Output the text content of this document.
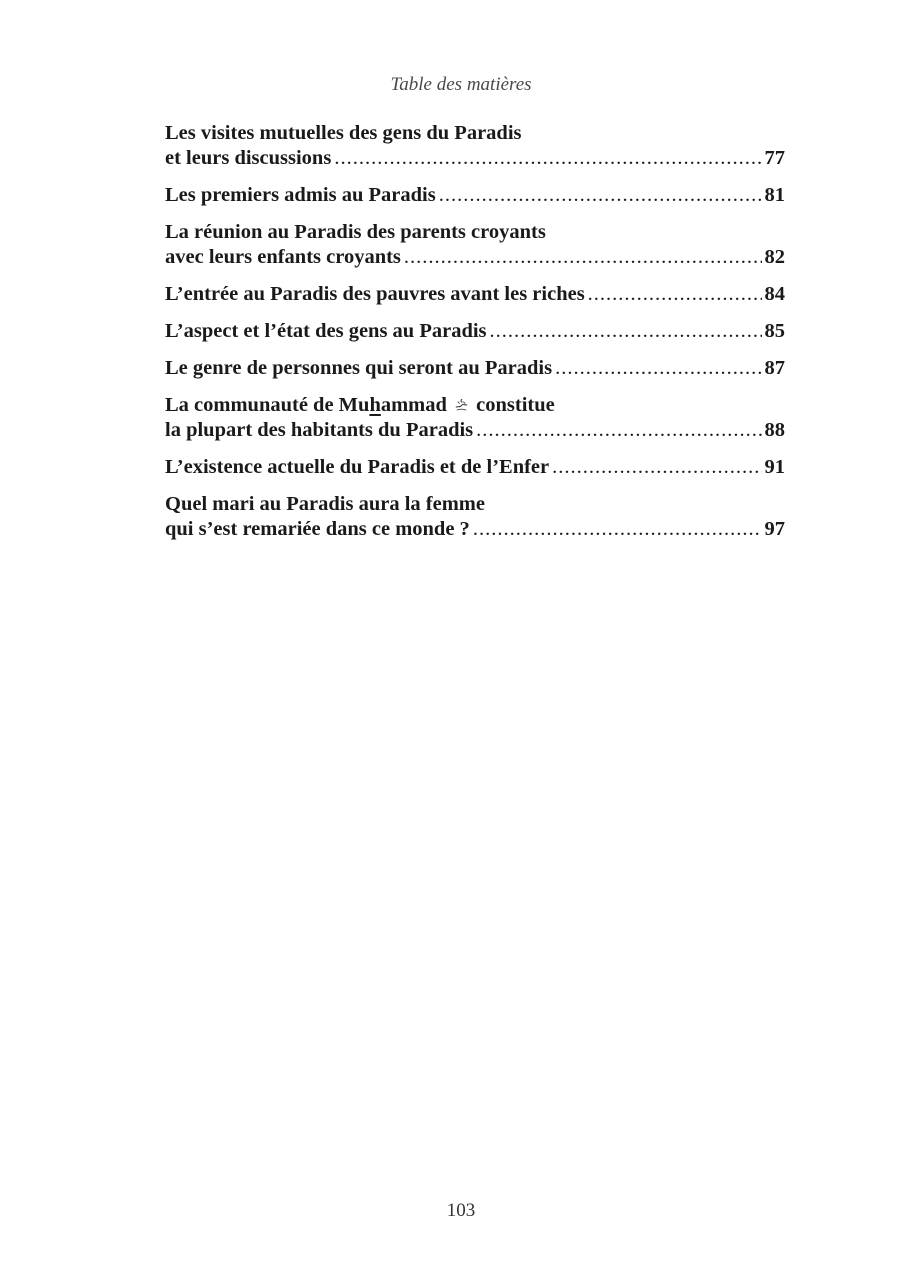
Table des matières
Les visites mutuelles des gens du Paradis
et leurs discussions .....	77
Les premiers admis au Paradis .....	81
La réunion au Paradis des parents croyants
avec leurs enfants croyants .....	82
L’entrée au Paradis des pauvres avant les riches .....	84
L’aspect et l’état des gens au Paradis .....	85
Le genre de personnes qui seront au Paradis .....	87
La communauté de Muhammad constitue
la plupart des habitants du Paradis .....	88
L’existence actuelle du Paradis et de l’Enfer .....	91
Quel mari au Paradis aura la femme
qui s’est remariée dans ce monde ? .....	97
103
